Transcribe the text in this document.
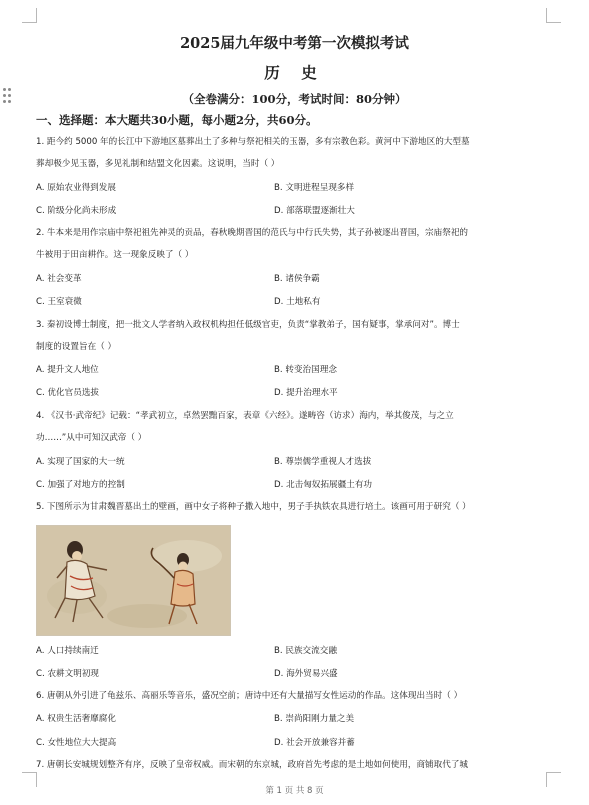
2025届九年级中考第一次模拟考试
历 史
（全卷满分：100分，考试时间：80分钟）
一、选择题：本大题共30小题，每小题2分，共60分。
1. 距今约 5000 年的长江中下游地区墓葬出土了多种与祭祀相关的玉器，多有宗教色彩。黄河中下游地区的大型墓
葬却极少见玉器，多见礼制和结盟文化因素。这说明，当时（ ）
A. 原始农业得到发展	B. 文明进程呈现多样
C. 阶级分化尚未形成	D. 部落联盟逐渐壮大
2. 牛本来是用作宗庙中祭祀祖先神灵的贡品，春秋晚期晋国的范氏与中行氏失势，其子孙被逐出晋国，宗庙祭祀的
牛被用于田亩耕作。这一现象反映了（ ）
A. 社会变革	B. 诸侯争霸
C. 王室衰微	D. 土地私有
3. 秦初设博士制度，把一批文人学者纳入政权机构担任低级官吏，负责“掌教弟子，国有疑事，掌承问对”。博士
制度的设置旨在（ ）
A. 提升文人地位	B. 转变治国理念
C. 优化官员选拔	D. 提升治理水平
4. 《汉书·武帝纪》记载：“孝武初立，卓然罢黜百家，表章《六经》。遂畴咨（访求）海内，举其俊茂，与之立
功……”从中可知汉武帝（ ）
A. 实现了国家的大一统	B. 尊崇儒学重视人才选拔
C. 加强了对地方的控制	D. 北击匈奴拓展疆土有功
5. 下图所示为甘肃魏晋墓出土的壁画，画中女子将种子撒入地中，男子手执铁农具进行培土。该画可用于研究（ ）
A. 人口持续南迁	B. 民族交流交融
C. 农耕文明初现	D. 海外贸易兴盛
6. 唐朝从外引进了龟兹乐、高丽乐等音乐，盛况空前；唐诗中还有大量描写女性运动的作品。这体现出当时（ ）
A. 权贵生活奢靡腐化	B. 崇尚阳刚力量之美
C. 女性地位大大提高	D. 社会开放兼容并蓄
7. 唐朝长安城规划整齐有序，反映了皇帝权威。而宋朝的东京城，政府首先考虑的是土地如何使用，商铺取代了城
第 1 页 共 8 页
